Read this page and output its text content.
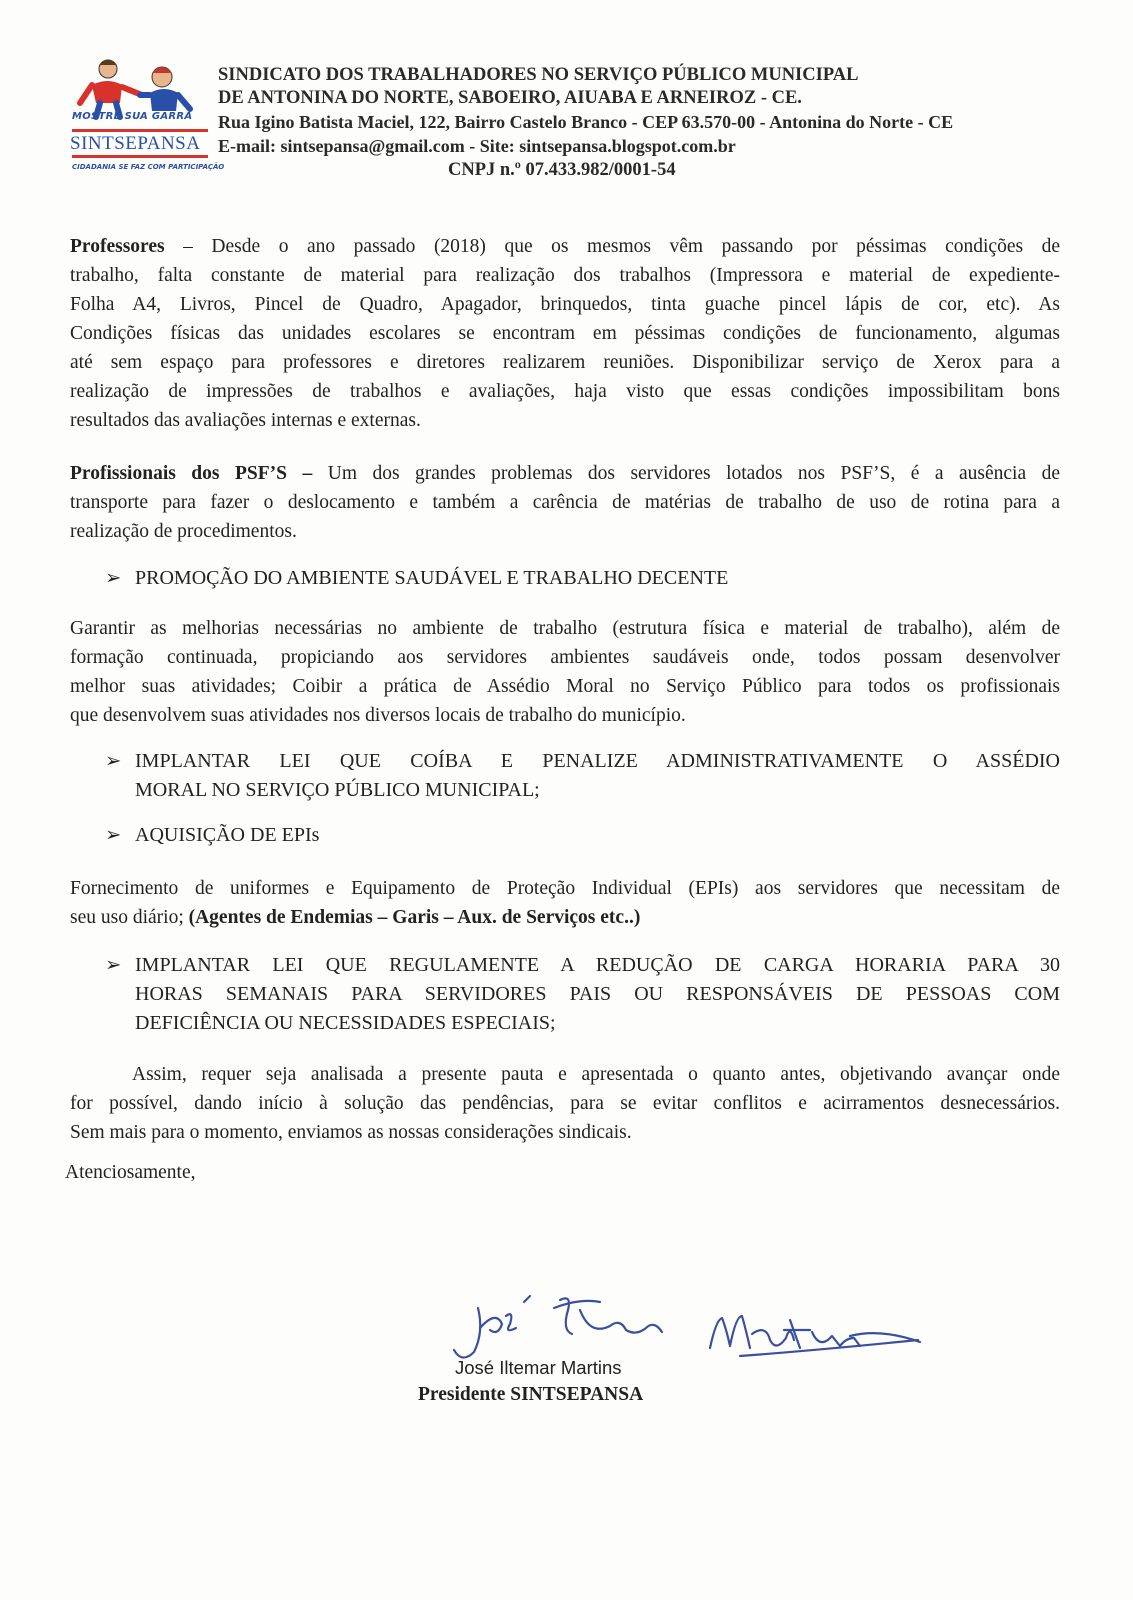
MOSTRE SUA GARRA
SINTSEPANSA
CIDADANIA SE FAZ COM PARTICIPAÇÃO
SINDICATO DOS TRABALHADORES NO SERVIÇO PÚBLICO MUNICIPAL
DE ANTONINA DO NORTE, SABOEIRO, AIUABA E ARNEIROZ - CE.
Rua Igino Batista Maciel, 122, Bairro Castelo Branco - CEP 63.570-00 - Antonina do Norte - CE
E-mail: sintsepansa@gmail.com - Site: sintsepansa.blogspot.com.br
CNPJ n.º 07.433.982/0001-54
Professores – Desde o ano passado (2018) que os mesmos vêm passando por péssimas condições de
trabalho, falta constante de material para realização dos trabalhos (Impressora e material de expediente-
Folha A4, Livros, Pincel de Quadro, Apagador, brinquedos, tinta guache pincel lápis de cor, etc). As
Condições físicas das unidades escolares se encontram em péssimas condições de funcionamento, algumas
até sem espaço para professores e diretores realizarem reuniões. Disponibilizar serviço de Xerox para a
realização de impressões de trabalhos e avaliações, haja visto que essas condições impossibilitam bons
resultados das avaliações internas e externas.
Profissionais dos PSF’S – Um dos grandes problemas dos servidores lotados nos PSF’S, é a ausência de
transporte para fazer o deslocamento e também a carência de matérias de trabalho de uso de rotina para a
realização de procedimentos.
➢ PROMOÇÃO DO AMBIENTE SAUDÁVEL E TRABALHO DECENTE
Garantir as melhorias necessárias no ambiente de trabalho (estrutura física e material de trabalho), além de
formação continuada, propiciando aos servidores ambientes saudáveis onde, todos possam desenvolver
melhor suas atividades; Coibir a prática de Assédio Moral no Serviço Público para todos os profissionais
que desenvolvem suas atividades nos diversos locais de trabalho do município.
➢ IMPLANTAR LEI QUE COÍBA E PENALIZE ADMINISTRATIVAMENTE O ASSÉDIO
MORAL NO SERVIÇO PÚBLICO MUNICIPAL;
➢ AQUISIÇÃO DE EPIs
Fornecimento de uniformes e Equipamento de Proteção Individual (EPIs) aos servidores que necessitam de
seu uso diário; (Agentes de Endemias – Garis – Aux. de Serviços etc..)
➢ IMPLANTAR LEI QUE REGULAMENTE A REDUÇÃO DE CARGA HORARIA PARA 30
HORAS SEMANAIS PARA SERVIDORES PAIS OU RESPONSÁVEIS DE PESSOAS COM
DEFICIÊNCIA OU NECESSIDADES ESPECIAIS;
Assim, requer seja analisada a presente pauta e apresentada o quanto antes, objetivando avançar onde
for possível, dando início à solução das pendências, para se evitar conflitos e acirramentos desnecessários.
Sem mais para o momento, enviamos as nossas considerações sindicais.
Atenciosamente,
José Iltemar Martins
Presidente SINTSEPANSA
